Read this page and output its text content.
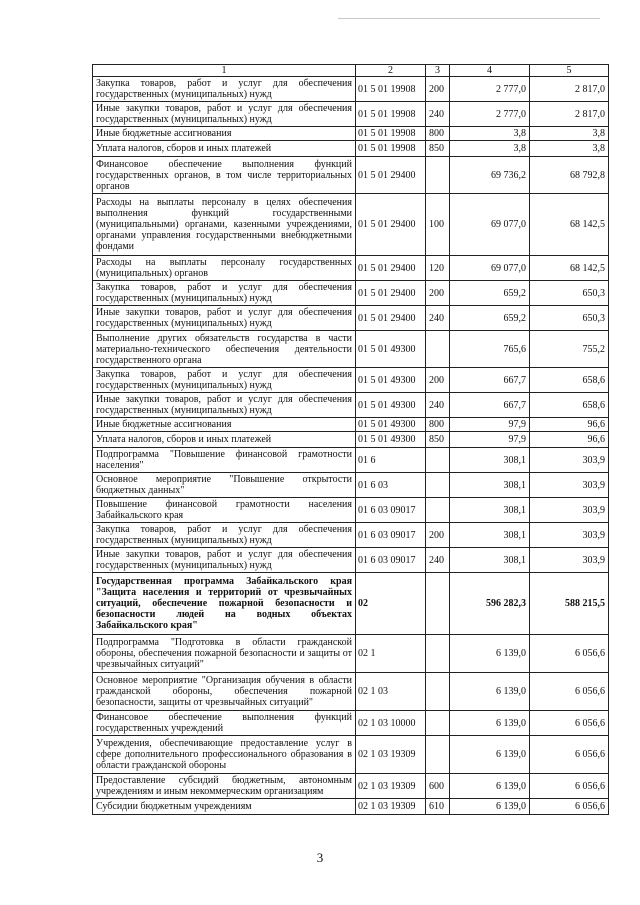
1	2	3	4	5
Закупка товаров, работ и услуг для обеспечения государственных (муниципальных) нужд	01 5 01 19908	200	2 777,0	2 817,0
Иные закупки товаров, работ и услуг для обеспечения государственных (муниципальных) нужд	01 5 01 19908	240	2 777,0	2 817,0
Иные бюджетные ассигнования	01 5 01 19908	800	3,8	3,8
Уплата налогов, сборов и иных платежей	01 5 01 19908	850	3,8	3,8
Финансовое обеспечение выполнения функций государственных органов, в том числе территориальных органов	01 5 01 29400		69 736,2	68 792,8
Расходы на выплаты персоналу в целях обеспечения выполнения функций государственными (муниципальными) органами, казенными учреждениями, органами управления государственными внебюджетными фондами	01 5 01 29400	100	69 077,0	68 142,5
Расходы на выплаты персоналу государственных (муниципальных) органов	01 5 01 29400	120	69 077,0	68 142,5
Закупка товаров, работ и услуг для обеспечения государственных (муниципальных) нужд	01 5 01 29400	200	659,2	650,3
Иные закупки товаров, работ и услуг для обеспечения государственных (муниципальных) нужд	01 5 01 29400	240	659,2	650,3
Выполнение других обязательств государства в части материально-технического обеспечения деятельности государственного органа	01 5 01 49300		765,6	755,2
Закупка товаров, работ и услуг для обеспечения государственных (муниципальных) нужд	01 5 01 49300	200	667,7	658,6
Иные закупки товаров, работ и услуг для обеспечения государственных (муниципальных) нужд	01 5 01 49300	240	667,7	658,6
Иные бюджетные ассигнования	01 5 01 49300	800	97,9	96,6
Уплата налогов, сборов и иных платежей	01 5 01 49300	850	97,9	96,6
Подпрограмма "Повышение финансовой грамотности населения"	01 6		308,1	303,9
Основное мероприятие "Повышение открытости бюджетных данных"	01 6 03		308,1	303,9
Повышение финансовой грамотности населения Забайкальского края	01 6 03 09017		308,1	303,9
Закупка товаров, работ и услуг для обеспечения государственных (муниципальных) нужд	01 6 03 09017	200	308,1	303,9
Иные закупки товаров, работ и услуг для обеспечения государственных (муниципальных) нужд	01 6 03 09017	240	308,1	303,9
Государственная программа Забайкальского края "Защита населения и территорий от чрезвычайных ситуаций, обеспечение пожарной безопасности и безопасности людей на водных объектах Забайкальского края"	02		596 282,3	588 215,5
Подпрограмма "Подготовка в области гражданской обороны, обеспечения пожарной безопасности и защиты от чрезвычайных ситуаций"	02 1		6 139,0	6 056,6
Основное мероприятие "Организация обучения в области гражданской обороны, обеспечения пожарной безопасности, защиты от чрезвычайных ситуаций"	02 1 03		6 139,0	6 056,6
Финансовое обеспечение выполнения функций государственных учреждений	02 1 03 10000		6 139,0	6 056,6
Учреждения, обеспечивающие предоставление услуг в сфере дополнительного профессионального образования в области гражданской обороны	02 1 03 19309		6 139,0	6 056,6
Предоставление субсидий бюджетным, автономным учреждениям и иным некоммерческим организациям	02 1 03 19309	600	6 139,0	6 056,6
Субсидии бюджетным учреждениям	02 1 03 19309	610	6 139,0	6 056,6
3
